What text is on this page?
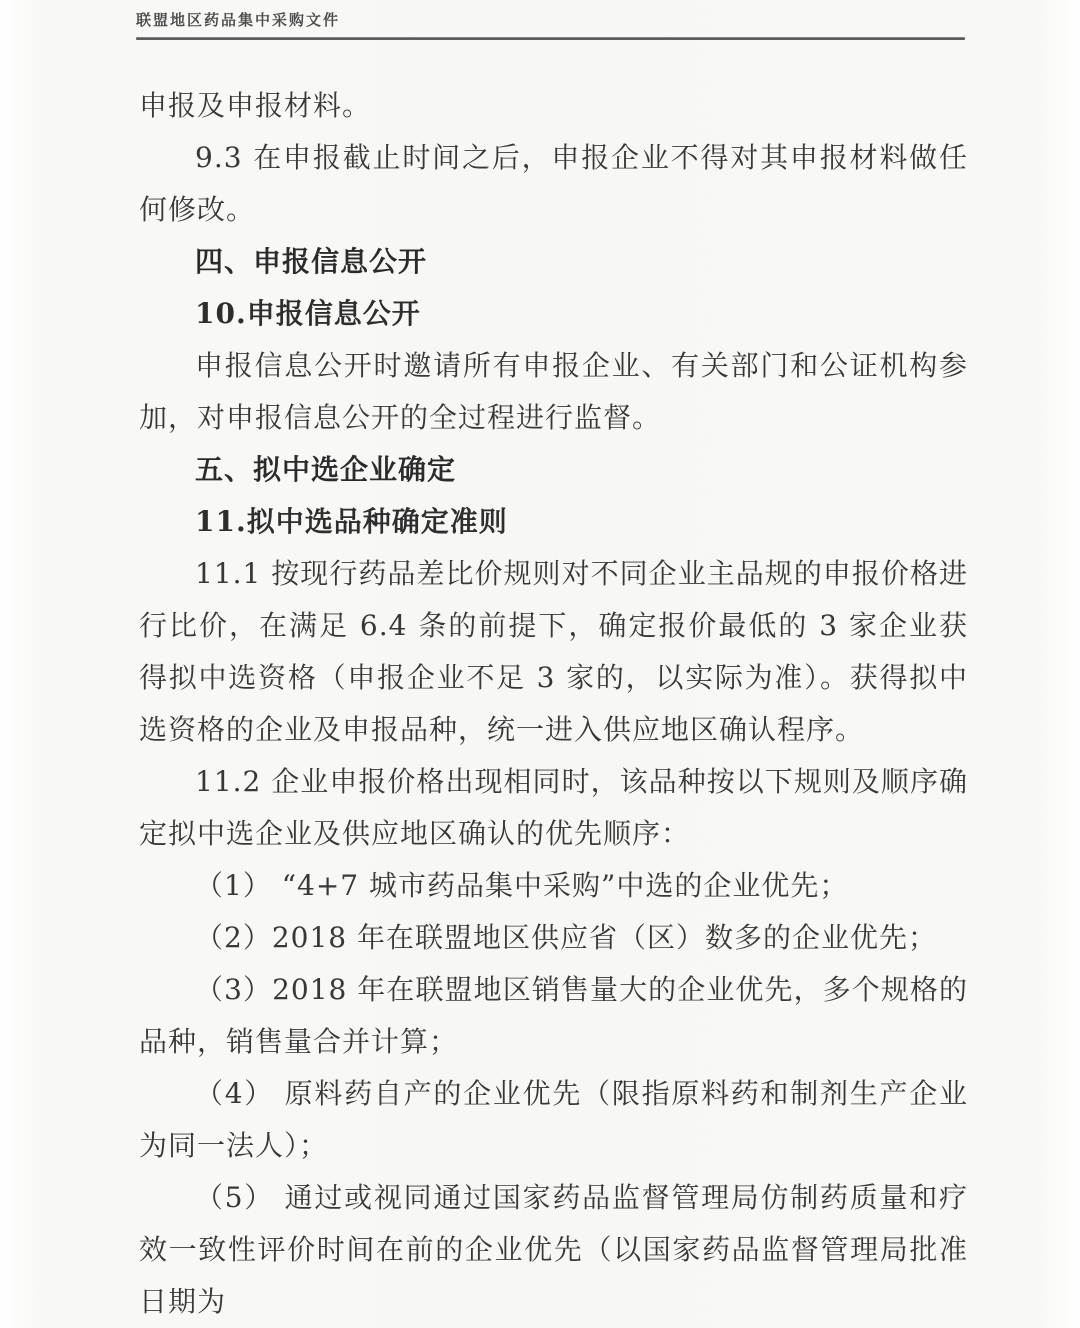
联盟地区药品集中采购文件

申报及申报材料。

9.3 在申报截止时间之后，申报企业不得对其申报材料做任何修改。

四、申报信息公开

10.申报信息公开

申报信息公开时邀请所有申报企业、有关部门和公证机构参加，对申报信息公开的全过程进行监督。

五、拟中选企业确定

11.拟中选品种确定准则

11.1 按现行药品差比价规则对不同企业主品规的申报价格进行比价，在满足 6.4 条的前提下，确定报价最低的 3 家企业获得拟中选资格（申报企业不足 3 家的，以实际为准）。获得拟中选资格的企业及申报品种，统一进入供应地区确认程序。

11.2 企业申报价格出现相同时，该品种按以下规则及顺序确定拟中选企业及供应地区确认的优先顺序：

（1） “4+7 城市药品集中采购”中选的企业优先；

（2）2018 年在联盟地区供应省（区）数多的企业优先；

（3）2018 年在联盟地区销售量大的企业优先，多个规格的品种，销售量合并计算；

（4） 原料药自产的企业优先（限指原料药和制剂生产企业为同一法人）；

（5） 通过或视同通过国家药品监督管理局仿制药质量和疗效一致性评价时间在前的企业优先（以国家药品监督管理局批准日期为
